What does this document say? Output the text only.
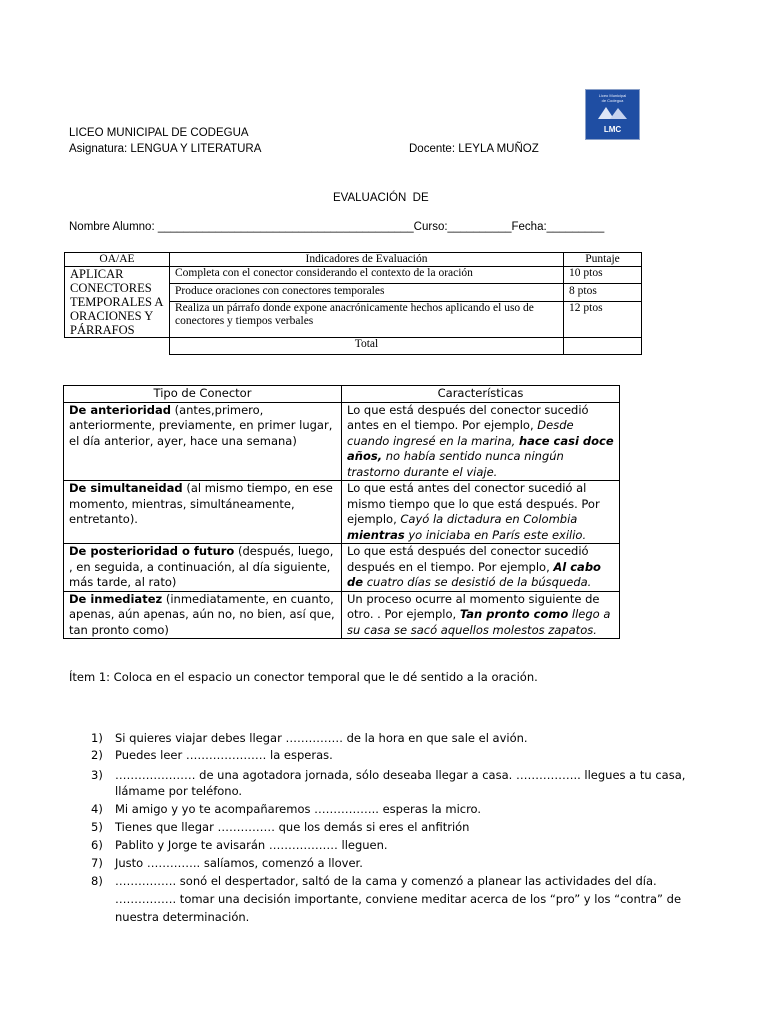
Liceo Municipal
de Codegua
LMC
LICEO MUNICIPAL DE CODEGUA
Asignatura: LENGUA Y LITERATURA	Docente: LEYLA MUÑOZ
EVALUACIÓN  DE
Nombre Alumno: ________________________________________Curso:__________Fecha:_________
OA/AE	Indicadores de Evaluación	Puntaje
APLICAR CONECTORES TEMPORALES A ORACIONES Y PÁRRAFOS	Completa con el conector considerando el contexto de la oración	10 ptos
	Produce oraciones con conectores temporales	8 ptos
	Realiza un párrafo donde expone anacrónicamente hechos aplicando el uso de conectores y tiempos verbales	12 ptos
	Total	
Tipo de Conector	Características
De anterioridad (antes,primero, anteriormente, previamente, en primer lugar, el día anterior, ayer, hace una semana)	Lo que está después del conector sucedió antes en el tiempo. Por ejemplo, Desde cuando ingresé en la marina, hace casi doce años, no había sentido nunca ningún trastorno durante el viaje.
De simultaneidad (al mismo tiempo, en ese momento, mientras, simultáneamente, entretanto).	Lo que está antes del conector sucedió al mismo tiempo que lo que está después. Por ejemplo, Cayó la dictadura en Colombia mientras yo iniciaba en París este exilio.
De posterioridad o futuro (después, luego, , en seguida, a continuación, al día siguiente, más tarde, al rato)	Lo que está después del conector sucedió después en el tiempo. Por ejemplo, Al cabo de cuatro días se desistió de la búsqueda.
De inmediatez (inmediatamente, en cuanto, apenas, aún apenas, aún no, no bien, así que, tan pronto como)	Un proceso ocurre al momento siguiente de otro. . Por ejemplo, Tan pronto como llego a su casa se sacó aquellos molestos zapatos.
Ítem 1: Coloca en el espacio un conector temporal que le dé sentido a la oración.
1) Si quieres viajar debes llegar …………… de la hora en que sale el avión.
2) Puedes leer ………………… la esperas.
3) ………………… de una agotadora jornada, sólo deseaba llegar a casa. …………….. llegues a tu casa,
llámame por teléfono.
4) Mi amigo y yo te acompañaremos …………….. esperas la micro.
5) Tienes que llegar …………… que los demás si eres el anfitrión
6) Pablito y Jorge te avisarán ……………… lleguen.
7) Justo ………….. salíamos, comenzó a llover.
8) ……………. sonó el despertador, saltó de la cama y comenzó a planear las actividades del día.
……………. tomar una decisión importante, conviene meditar acerca de los “pro” y los “contra” de
nuestra determinación.
